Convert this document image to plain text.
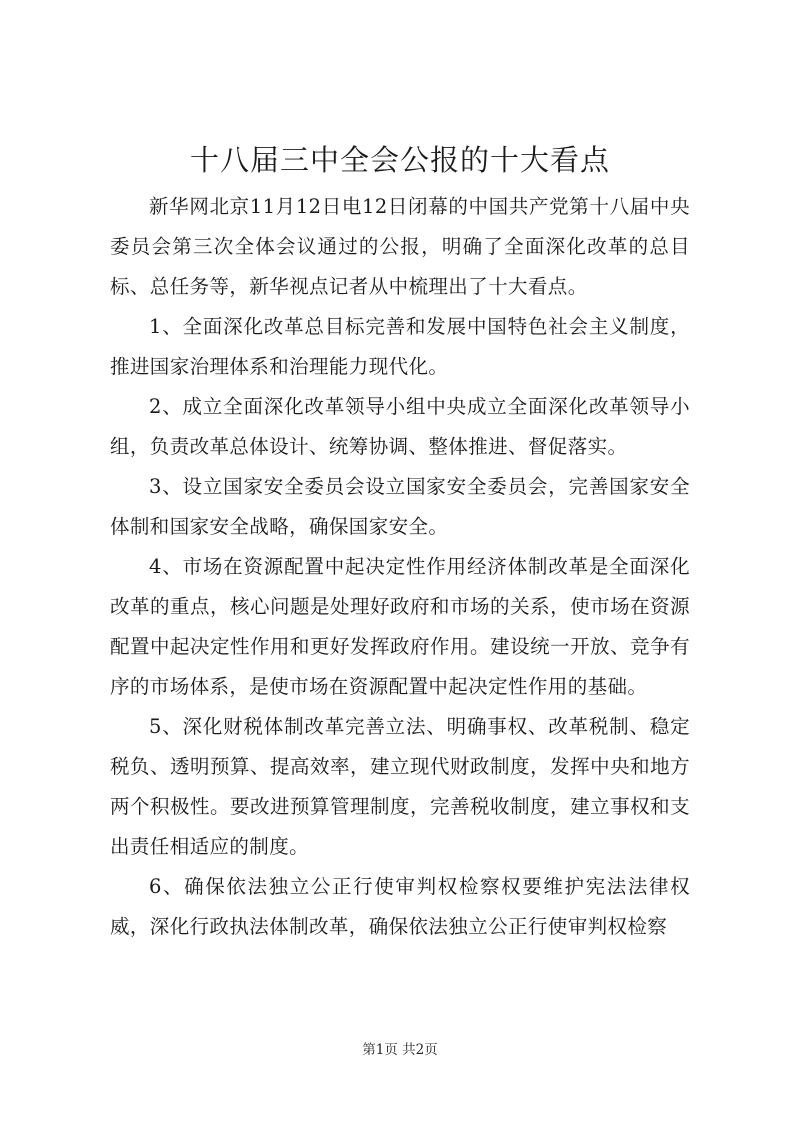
十八届三中全会公报的十大看点

新华网北京11月12日电12日闭幕的中国共产党第十八届中央委员会第三次全体会议通过的公报，明确了全面深化改革的总目标、总任务等，新华视点记者从中梳理出了十大看点。

1、全面深化改革总目标完善和发展中国特色社会主义制度，推进国家治理体系和治理能力现代化。

2、成立全面深化改革领导小组中央成立全面深化改革领导小组，负责改革总体设计、统筹协调、整体推进、督促落实。

3、设立国家安全委员会设立国家安全委员会，完善国家安全体制和国家安全战略，确保国家安全。

4、市场在资源配置中起决定性作用经济体制改革是全面深化改革的重点，核心问题是处理好政府和市场的关系，使市场在资源配置中起决定性作用和更好发挥政府作用。建设统一开放、竞争有序的市场体系，是使市场在资源配置中起决定性作用的基础。

5、深化财税体制改革完善立法、明确事权、改革税制、稳定税负、透明预算、提高效率，建立现代财政制度，发挥中央和地方两个积极性。要改进预算管理制度，完善税收制度，建立事权和支出责任相适应的制度。

6、确保依法独立公正行使审判权检察权要维护宪法法律权威，深化行政执法体制改革，确保依法独立公正行使审判权检察

第1页 共2页
